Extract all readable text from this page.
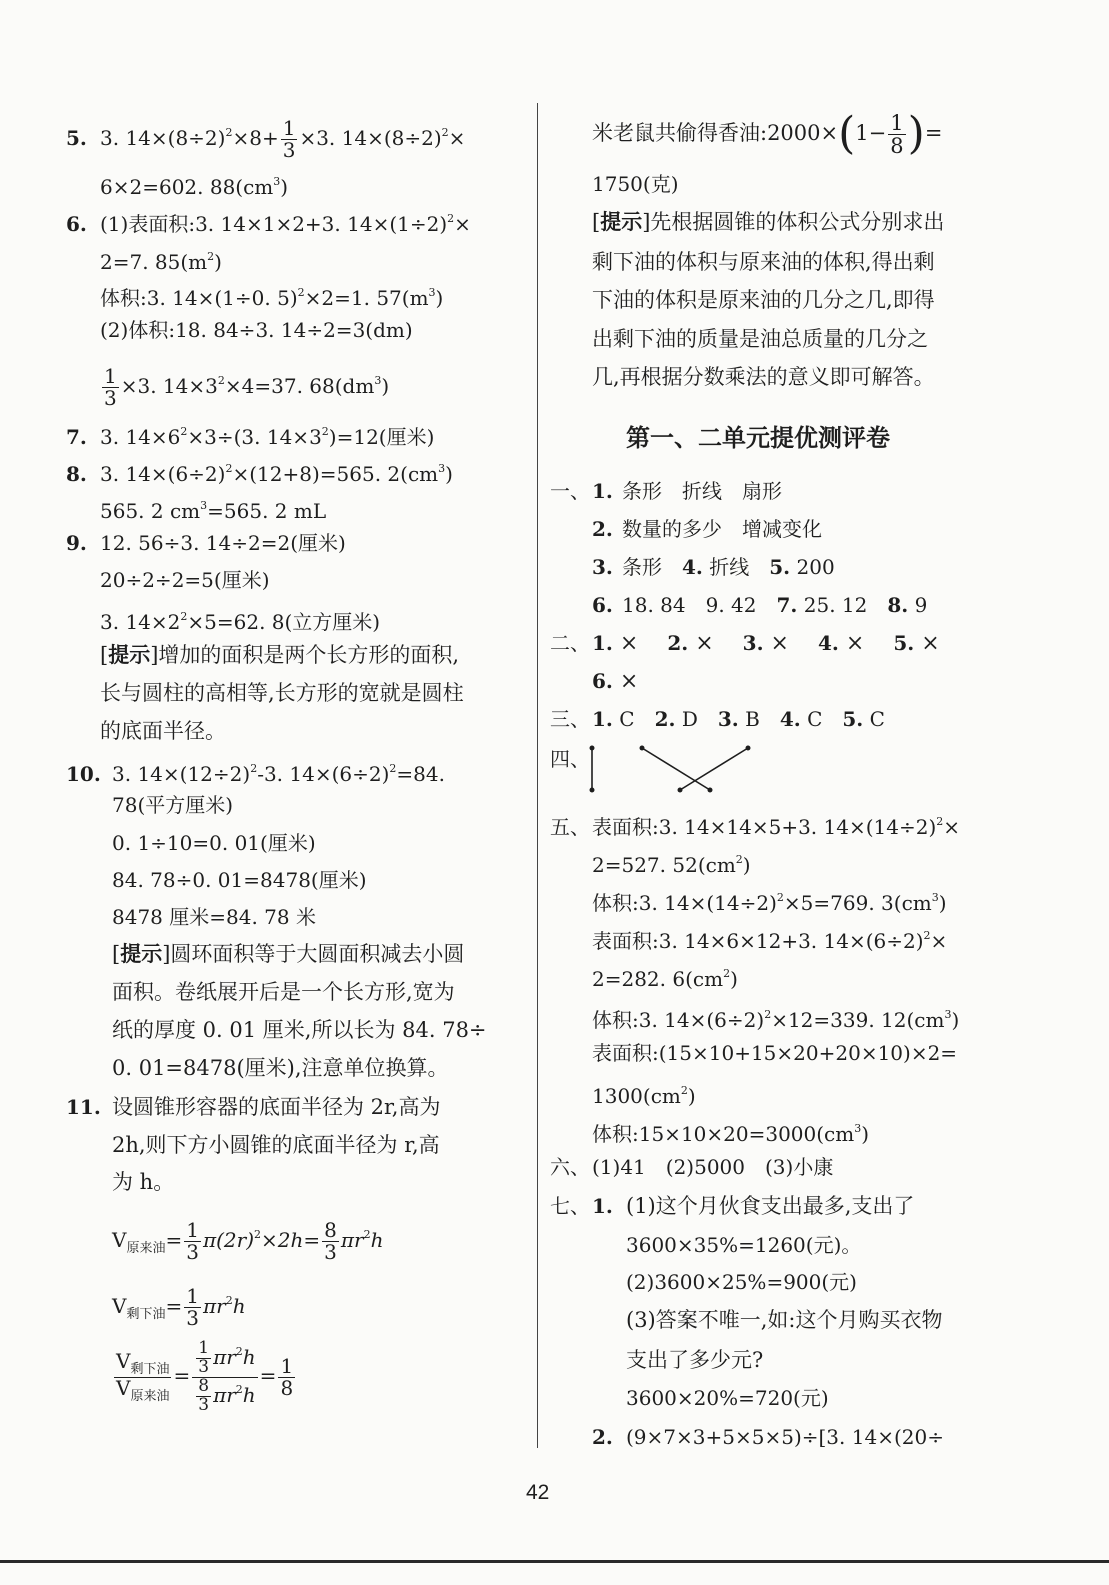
5. 3. $14\times(8\div 2)^2\times 8+ \frac{1}{3} \times 3$. $14\times(8\div 2)^2\times$
6×2=602. $88(cm^3)$
6. (1)表面积:3. 14×1×2+3. $14\times(1\div 2)^2\times$
2=7. $85(m^2)$
体积:3. 14×(1÷0. 5)$^2$×2=1. $57(m^3)$
(2)体积:18. 84÷3. 14÷2=3(dm)
$\frac{1}{3} \times 3$. $14\times 3^2\times 4=37$. $68(dm^3)$
7. 3. $14\times 6^2\times 3\div(3$. $14\times 3^2)=12$(厘米)
8. 3. $14\times(6\div 2)^2\times(12+8)=565$. $2(cm^3)$
565. 2 $cm^3=565$. 2 mL
9. 12. 56÷3. 14÷2=2(厘米)
20÷2÷2=5(厘米)
3. $14\times 2^2\times 5=62$. 8(立方厘米)
[提示]增加的面积是两个长方形的面积,
长与圆柱的高相等,长方形的宽就是圆柱
的底面半径。
10. 3. $14\times(12\div 2)^2-3$. $14\times(6\div 2)^2=84$.
78(平方厘米)
0. 1÷10=0. 01(厘米)
84. 78÷0. 01=8478(厘米)
8478 厘米=84. 78 米
[提示]圆环面积等于大圆面积减去小圆
面积。卷纸展开后是一个长方形,宽为
纸的厚度 0. 01 厘米,所以长为 84. 78÷
0. 01=8478(厘米),注意单位换算。
11. 设圆锥形容器的底面半径为 2r,高为
2h,则下方小圆锥的底面半径为 r,高
为 h。
$V_{原来油}= \frac{1}{3} \pi(2r)^2\times 2h= \frac{8}{3} \pi r^2h$
$V_{剩下油}= \frac{1}{3} \pi r^2h$
$\frac{V_{剩下油}}{V_{原来油}} = \frac{\frac{1}{3} \pi r^2h}{\frac{8}{3} \pi r^2h} = \frac{1}{8}$
米老鼠共偷得香油:2000×(1− $\frac{1}{8}$ )=
1750(克)
[提示]先根据圆锥的体积公式分别求出
剩下油的体积与原来油的体积,得出剩
下油的体积是原来油的几分之几,即得
出剩下油的质量是油总质量的几分之
几,再根据分数乘法的意义即可解答。
第一、二单元提优测评卷
一、 1. 条形　折线　扇形
2. 数量的多少　增减变化
3. 条形　 4. 折线　 5. 200
6. 18. 84　9. 42　 7. 25. 12　 8. 9
二、 1. ×　 2. ×　 3. ×　 4. ×　 5. ×
6. ×
三、 1. C　 2. D　 3. B　 4. C　 5. C
四、
五、 表面积:3. 14×14×5+3. $14\times(14\div 2)^2\times$
2=527. $52(cm^2)$
体积:3. $14\times(14\div 2)^2\times 5=769$. $3(cm^3)$
表面积:3. 14×6×12+3. $14\times(6\div 2)^2\times$
2=282. $6(cm^2)$
体积:3. $14\times(6\div 2)^2\times 12=339$. $12(cm^3)$
表面积:(15×10+15×20+20×10)×2=
$1300(cm^2)$
体积$:15\times 10\times 20=3000(cm^3)$
六、 (1)41　(2)5000　(3)小康
七、 1. (1)这个月伙食支出最多,支出了
3600×35%=1260(元)。
(2)3600×25%=900(元)
(3)答案不唯一,如:这个月购买衣物
支出了多少元?
3600×20%=720(元)
2. (9×7×3+5×5×5)÷[3. 14×(20÷
42
